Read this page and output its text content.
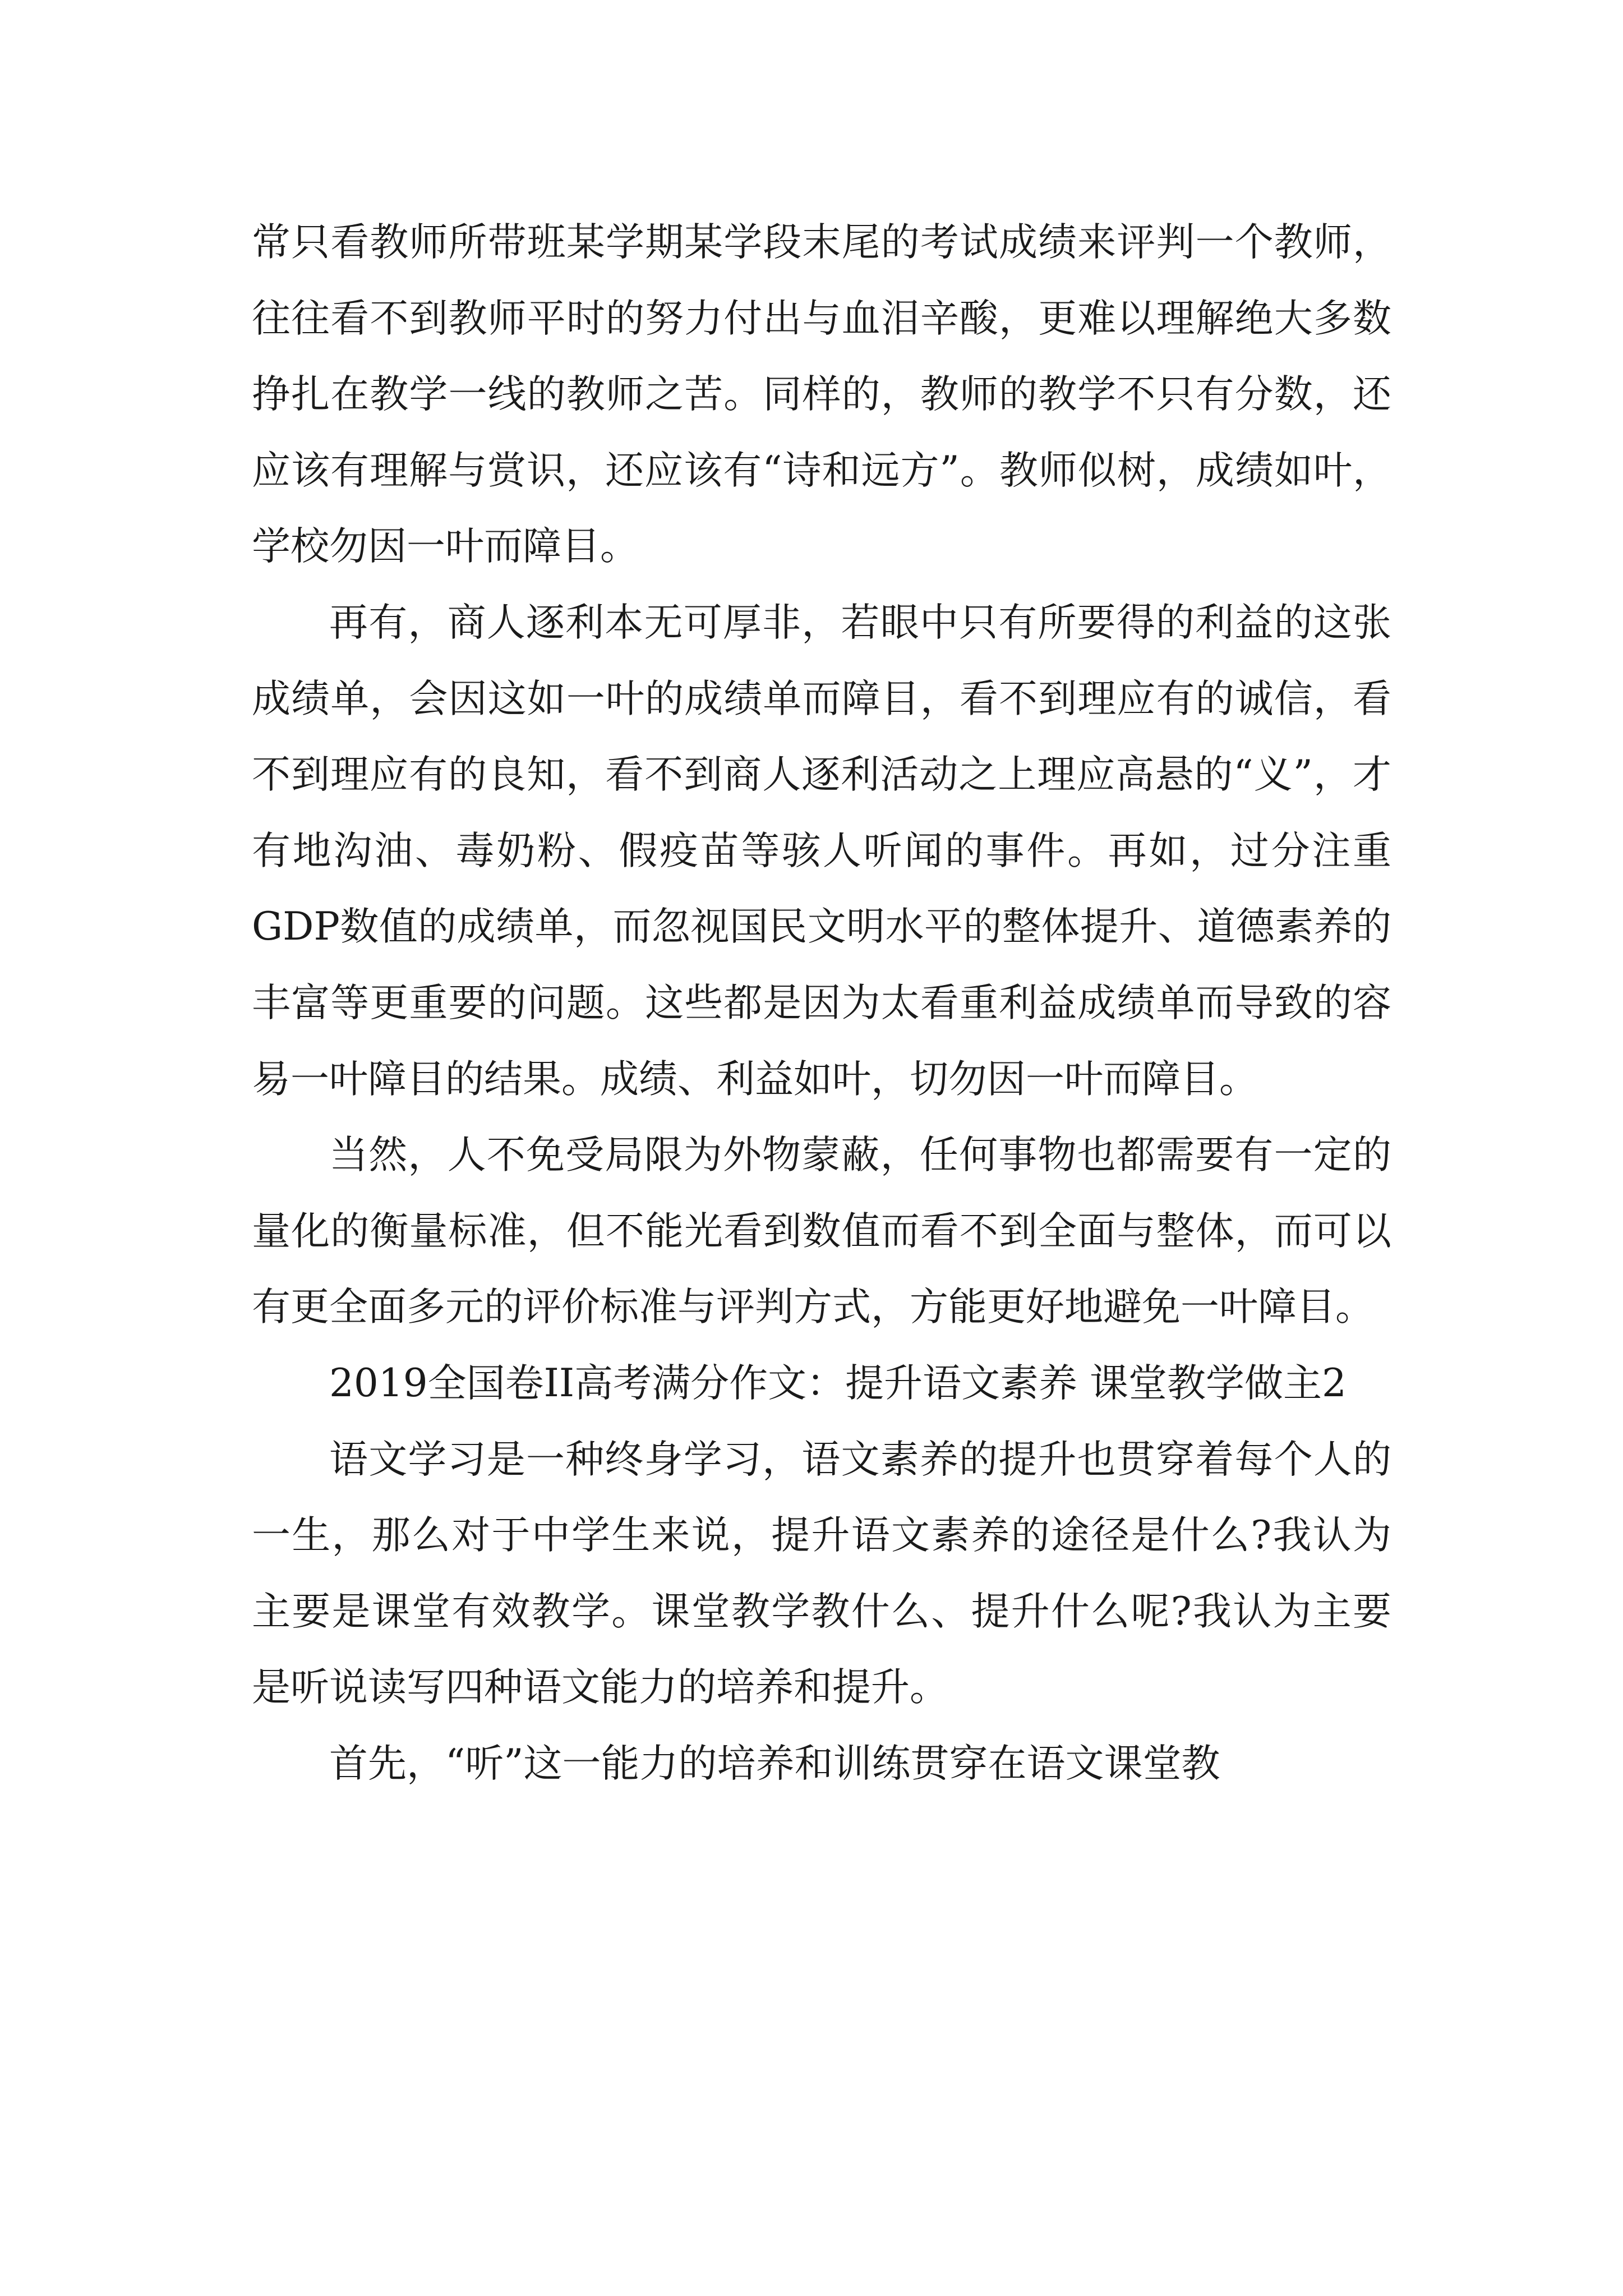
常只看教师所带班某学期某学段末尾的考试成绩来评判一个教师，往往看不到教师平时的努力付出与血泪辛酸，更难以理解绝大多数挣扎在教学一线的教师之苦。同样的，教师的教学不只有分数，还应该有理解与赏识，还应该有“诗和远方”。教师似树，成绩如叶，学校勿因一叶而障目。

再有，商人逐利本无可厚非，若眼中只有所要得的利益的这张成绩单，会因这如一叶的成绩单而障目，看不到理应有的诚信，看不到理应有的良知，看不到商人逐利活动之上理应高悬的“义”，才有地沟油、毒奶粉、假疫苗等骇人听闻的事件。再如，过分注重GDP数值的成绩单，而忽视国民文明水平的整体提升、道德素养的丰富等更重要的问题。这些都是因为太看重利益成绩单而导致的容易一叶障目的结果。成绩、利益如叶，切勿因一叶而障目。

当然，人不免受局限为外物蒙蔽，任何事物也都需要有一定的量化的衡量标准，但不能光看到数值而看不到全面与整体，而可以有更全面多元的评价标准与评判方式，方能更好地避免一叶障目。

2019全国卷II高考满分作文：提升语文素养 课堂教学做主2

语文学习是一种终身学习，语文素养的提升也贯穿着每个人的一生，那么对于中学生来说，提升语文素养的途径是什么?我认为主要是课堂有效教学。课堂教学教什么、提升什么呢?我认为主要是听说读写四种语文能力的培养和提升。

首先，“听”这一能力的培养和训练贯穿在语文课堂教
